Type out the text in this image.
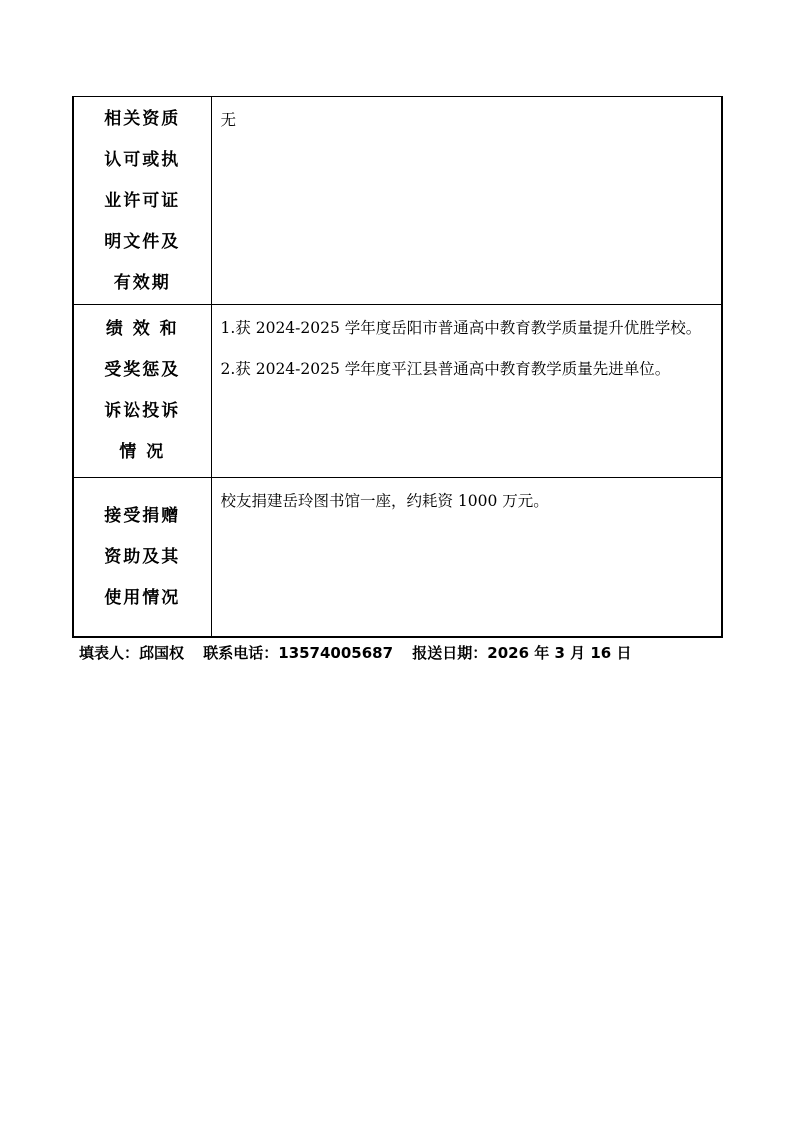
相关资质
认可或执
业许可证
明文件及
有效期	无

绩 效 和
受奖惩及
诉讼投诉
情 况	1.获 2024-2025 学年度岳阳市普通高中教育教学质量提升优胜学校。 2.获 2024-2025 学年度平江县普通高中教育教学质量先进单位。

接受捐赠
资助及其
使用情况	校友捐建岳玲图书馆一座，约耗资 1000 万元。
填表人：邱国权 联系电话：13574005687 报送日期：2026 年 3 月 16 日
